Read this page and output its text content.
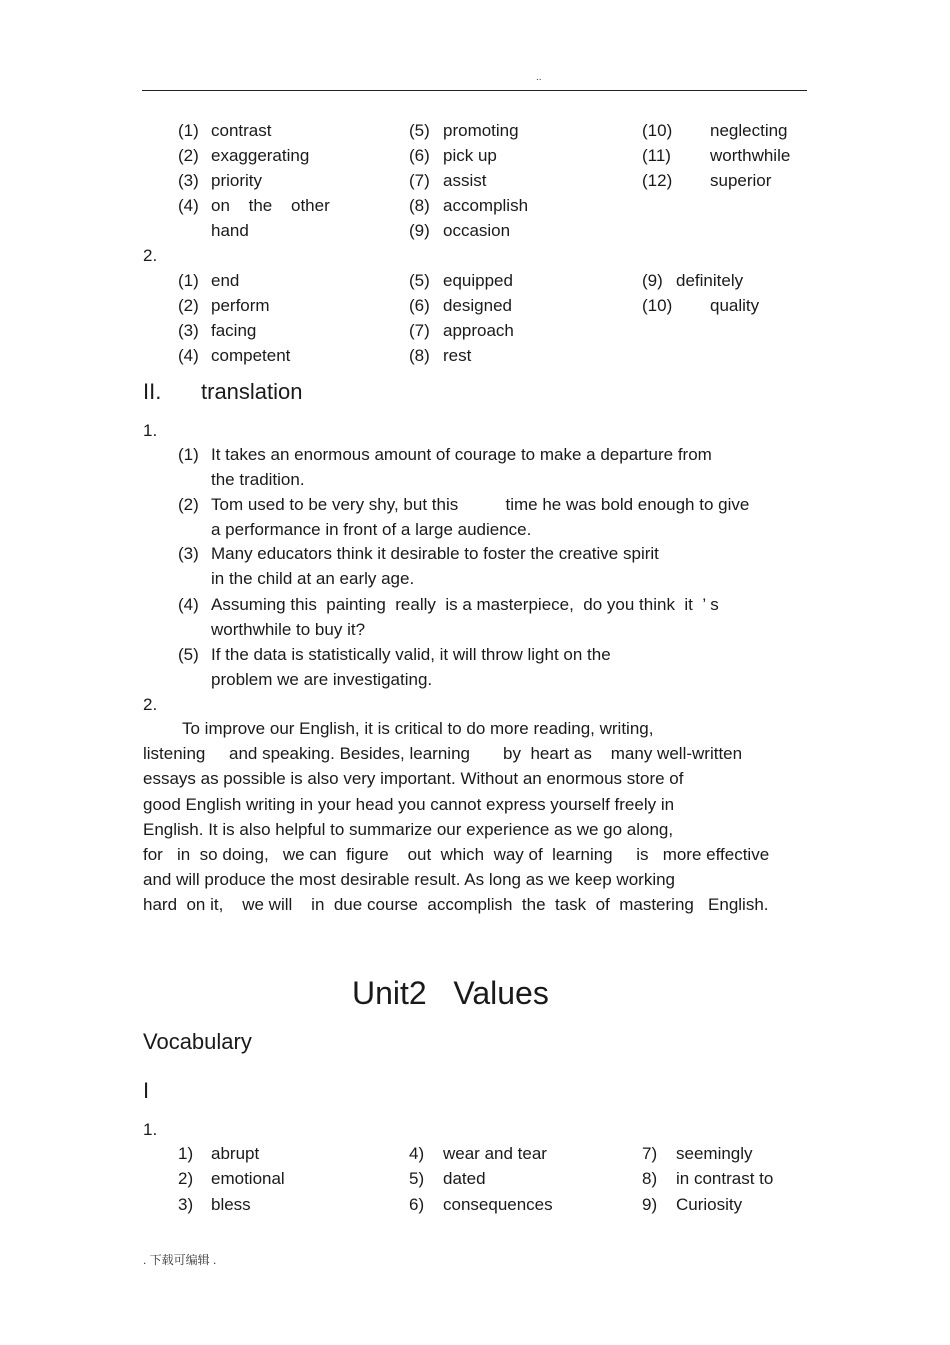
..
(1) contrast
(2) exaggerating
(3) priority
(4) on the other
hand
(5) promoting
(6) pick up
(7) assist
(8) accomplish
(9) occasion
(10) neglecting
(11) worthwhile
(12) superior
2.
(1) end
(2) perform
(3) facing
(4) competent
(5) equipped
(6) designed
(7) approach
(8) rest
(9) definitely
(10) quality
II. translation
1.
(1) It takes an enormous amount of courage to make a departure from
the tradition.
(2) Tom used to be very shy, but this          time he was bold enough to give
a performance in front of a large audience.
(3) Many educators think it desirable to foster the creative spirit
in the child at an early age.
(4) Assuming this  painting  really  is a masterpiece,  do you think  it  ’ s
worthwhile to buy it?
(5) If the data is statistically valid, it will throw light on the
problem we are investigating.
2.
To improve our English, it is critical to do more reading, writing,
listening     and speaking. Besides, learning       by  heart as    many well-written
essays as possible is also very important. Without an enormous store of
good English writing in your head you cannot express yourself freely in
English. It is also helpful to summarize our experience as we go along,
for   in  so doing,   we can  figure    out  which  way of  learning     is   more effective
and will produce the most desirable result. As long as we keep working
hard  on it,    we will    in  due course  accomplish  the  task  of  mastering   English.
Unit2   Values
Vocabulary
I
1.
1) abrupt
2) emotional
3) bless
4) wear and tear
5) dated
6) consequences
7) seemingly
8) in contrast to
9) Curiosity
. 下载可编辑 .
